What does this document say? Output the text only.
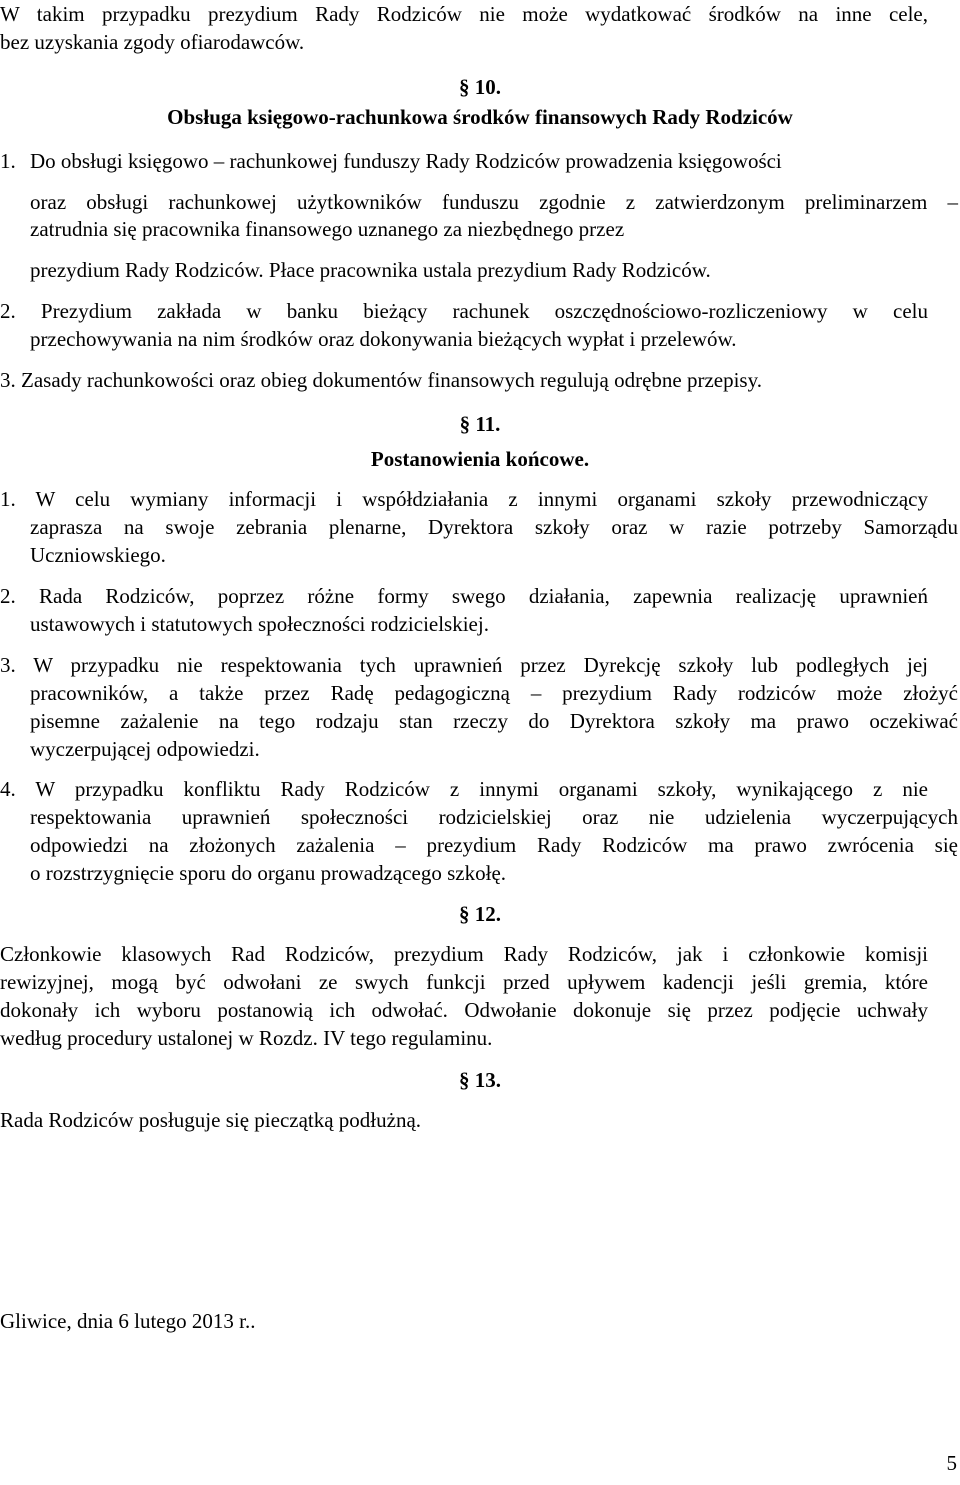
W takim przypadku prezydium Rady Rodziców nie może wydatkować środków na inne cele,
bez uzyskania zgody ofiarodawców.
§ 10.
Obsługa księgowo-rachunkowa środków finansowych Rady Rodziców
1. Do obsługi księgowo – rachunkowej funduszy Rady Rodziców prowadzenia księgowości
oraz obsługi rachunkowej użytkowników funduszu zgodnie z zatwierdzonym preliminarzem –
zatrudnia się pracownika finansowego uznanego za niezbędnego przez
prezydium Rady Rodziców. Płace pracownika ustala prezydium Rady Rodziców.
2. Prezydium zakłada w banku bieżący rachunek oszczędnościowo-rozliczeniowy w celu
przechowywania na nim środków oraz dokonywania bieżących wypłat i przelewów.
3. Zasady rachunkowości oraz obieg dokumentów finansowych regulują odrębne przepisy.
§ 11.
Postanowienia końcowe.
1. W celu wymiany informacji i współdziałania z innymi organami szkoły przewodniczący
zaprasza na swoje zebrania plenarne, Dyrektora szkoły oraz w razie potrzeby Samorządu
Uczniowskiego.
2. Rada Rodziców, poprzez różne formy swego działania, zapewnia realizację uprawnień
ustawowych i statutowych społeczności rodzicielskiej.
3. W przypadku nie respektowania tych uprawnień przez Dyrekcję szkoły lub podległych jej
pracowników, a także przez Radę pedagogiczną – prezydium Rady rodziców może złożyć
pisemne zażalenie na tego rodzaju stan rzeczy do Dyrektora szkoły ma prawo oczekiwać
wyczerpującej odpowiedzi.
4. W przypadku konfliktu Rady Rodziców z innymi organami szkoły, wynikającego z nie
respektowania uprawnień społeczności rodzicielskiej oraz nie udzielenia wyczerpujących
odpowiedzi na złożonych zażalenia – prezydium Rady Rodziców ma prawo zwrócenia się
o rozstrzygnięcie sporu do organu prowadzącego szkołę.
§ 12.
Członkowie klasowych Rad Rodziców, prezydium Rady Rodziców, jak i członkowie komisji
rewizyjnej, mogą być odwołani ze swych funkcji przed upływem kadencji jeśli gremia, które
dokonały ich wyboru postanowią ich odwołać. Odwołanie dokonuje się przez podjęcie uchwały
według procedury ustalonej w Rozdz. IV tego regulaminu.
§ 13.
Rada Rodziców posługuje się pieczątką podłużną.
Gliwice, dnia 6 lutego 2013 r..
5
